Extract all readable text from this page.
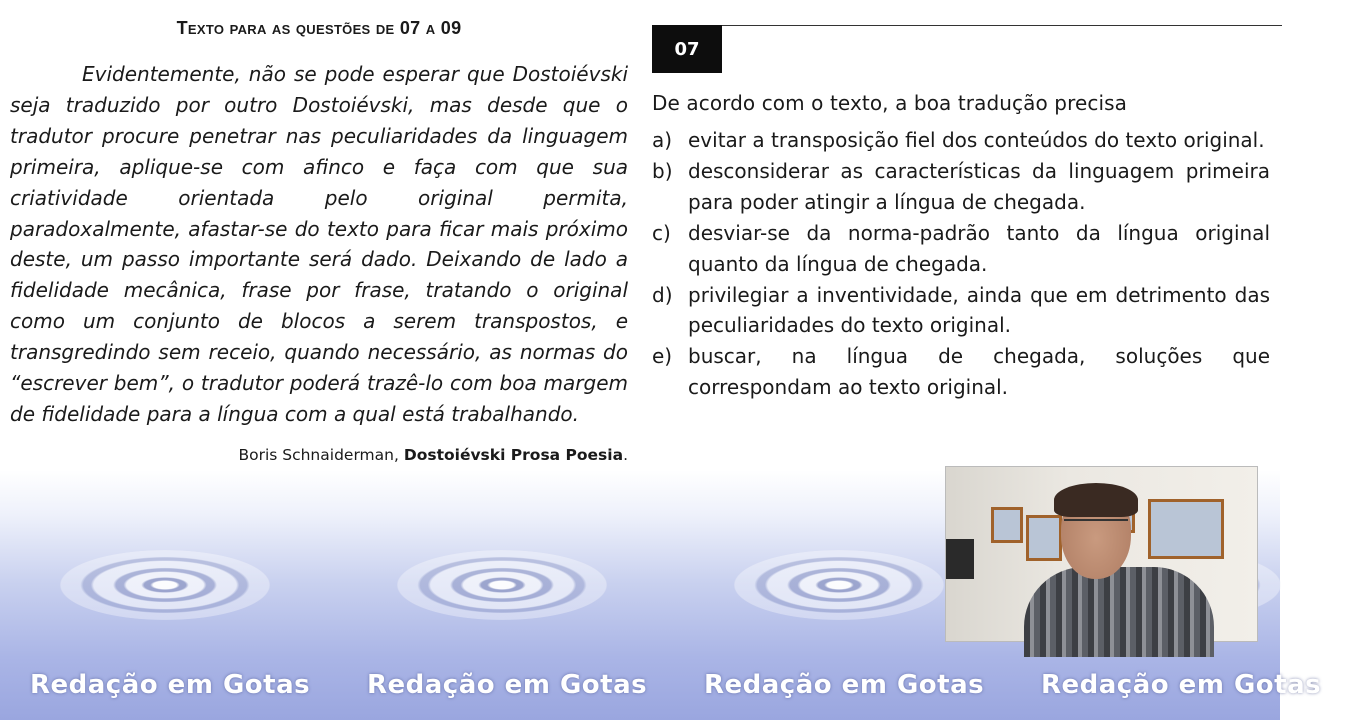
Redação em Gotas Redação em Gotas Redação em Gotas Redação em Gotas
Texto para as questões de 07 a 09

Evidentemente, não se pode esperar que Dostoiévski seja traduzido por outro Dostoiévski, mas desde que o tradutor procure penetrar nas peculiaridades da linguagem primeira, aplique-se com afinco e faça com que sua criatividade orientada pelo original permita, paradoxalmente, afastar-se do texto para ficar mais próximo deste, um passo importante será dado. Deixando de lado a fidelidade mecânica, frase por frase, tratando o original como um conjunto de blocos a serem transpostos, e transgredindo sem receio, quando necessário, as normas do “escrever bem”, o tradutor poderá trazê-lo com boa margem de fidelidade para a língua com a qual está trabalhando.

Boris Schnaiderman, Dostoiévski Prosa Poesia.
07
De acordo com o texto, a boa tradução precisa
a) evitar a transposição fiel dos conteúdos do texto original.
b) desconsiderar as características da linguagem primeira para poder atingir a língua de chegada.
c) desviar-se da norma-padrão tanto da língua original quanto da língua de chegada.
d) privilegiar a inventividade, ainda que em detrimento das peculiaridades do texto original.
e) buscar, na língua de chegada, soluções que correspondam ao texto original.
